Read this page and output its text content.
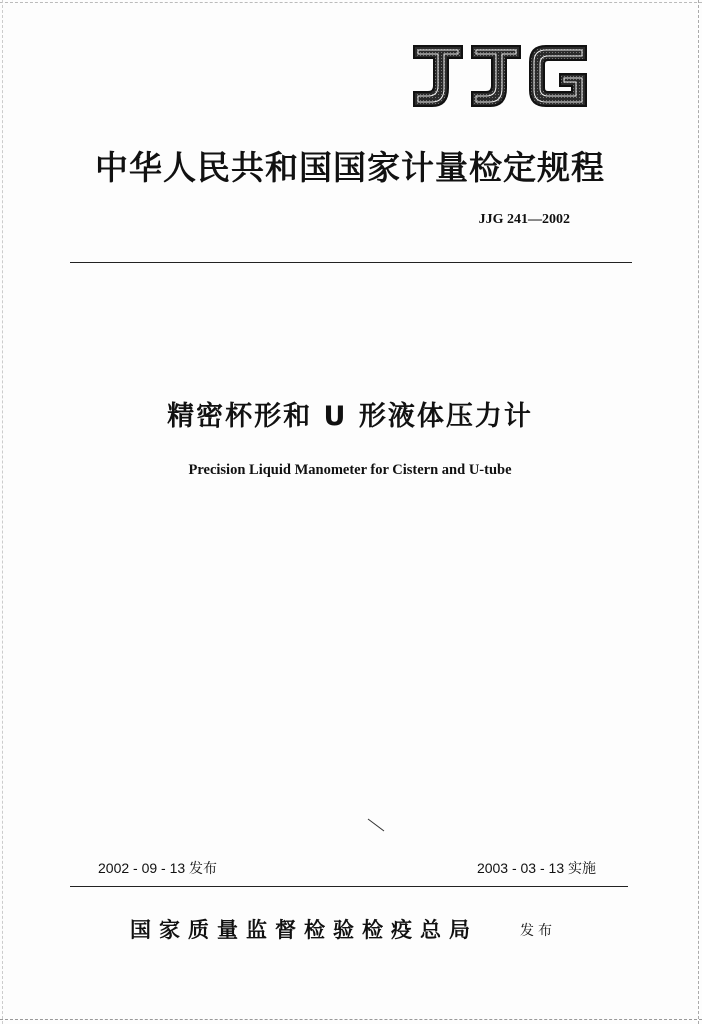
中华人民共和国国家计量检定规程
JJG 241—2002
精密杯形和 U 形液体压力计
Precision Liquid Manometer for Cistern and U-tube
2002 - 09 - 13 发布	2003 - 03 - 13 实施
国家质量监督检验检疫总局	发布
